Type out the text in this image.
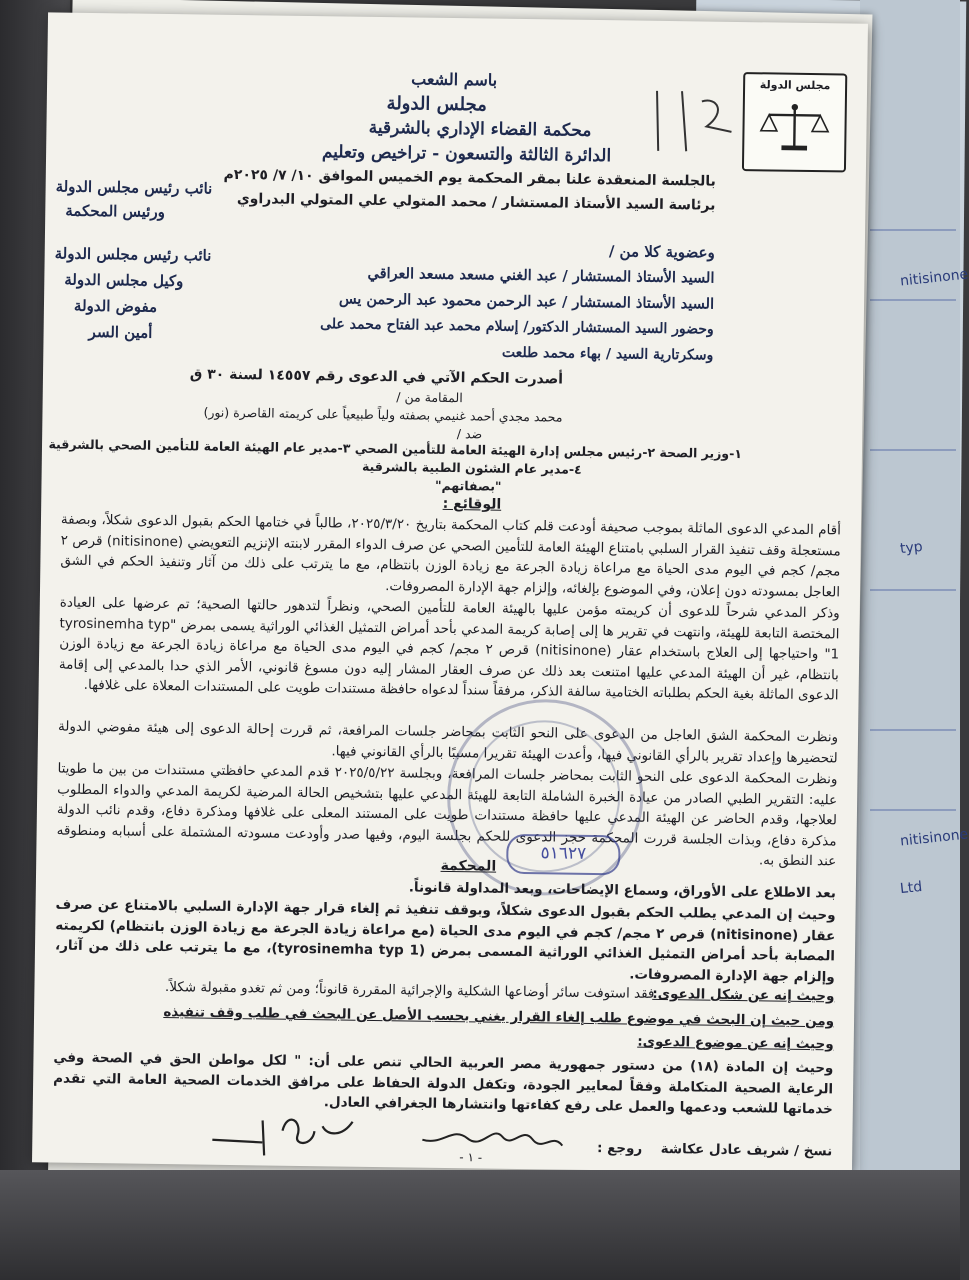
nitisinone
typ
nitisinone
Ltd
مجلس الدولة
باسم الشعب
مجلس الدولة
محكمة القضاء الإداري بالشرقية
الدائرة الثالثة والتسعون - تراخيص وتعليم
بالجلسة المنعقدة علنا بمقر المحكمة يوم الخميس الموافق ١٠/ ٧/ ٢٠٢٥م
برئاسة السيد الأستاذ المستشار / محمد المتولي علي المتولي البدراوي
نائب رئيس مجلس الدولة
ورئيس المحكمة
وعضوية كلا من /
السيد الأستاذ المستشار / عبد الغني مسعد مسعد العراقي
السيد الأستاذ المستشار / عبد الرحمن محمود عبد الرحمن يس
وحضور السيد المستشار الدكتور/ إسلام محمد عبد الفتاح محمد على
وسكرتارية السيد / بهاء محمد طلعت
نائب رئيس مجلس الدولة
وكيل مجلس الدولة
مفوض الدولة
أمين السر
أصدرت الحكم الآتي في الدعوى رقم ١٤٥٥٧ لسنة ٣٠ ق
المقامة من /
محمد مجدي أحمد غنيمي بصفته ولياً طبيعياً على كريمته القاصرة (نور)
ضد /
١-وزير الصحة ٢-رئيس مجلس إدارة الهيئة العامة للتأمين الصحي ٣-مدير عام الهيئة العامة للتأمين الصحي بالشرقية
٤-مدير عام الشئون الطبية بالشرقية
"بصفاتهم"
الوقائع :
أقام المدعي الدعوى الماثلة بموجب صحيفة أودعت قلم كتاب المحكمة بتاريخ ٢٠٢٥/٣/٢٠، طالباً في ختامها الحكم بقبول الدعوى شكلاً، وبصفة مستعجلة وقف تنفيذ القرار السلبي بامتناع الهيئة العامة للتأمين الصحي عن صرف الدواء المقرر لابنته الإنزيم التعويضي (nitisinone) قرص ٢ مجم/ كجم في اليوم مدى الحياة مع مراعاة زيادة الجرعة مع زيادة الوزن بانتظام، مع ما يترتب على ذلك من آثار وتنفيذ الحكم في الشق العاجل بمسودته دون إعلان، وفي الموضوع بإلغائه، وإلزام جهة الإدارة المصروفات.
وذكر المدعي شرحاً للدعوى أن كريمته مؤمن عليها بالهيئة العامة للتأمين الصحي، ونظراً لتدهور حالتها الصحية؛ تم عرضها على العيادة المختصة التابعة للهيئة، وانتهت في تقرير ها إلى إصابة كريمة المدعي بأحد أمراض التمثيل الغذائي الوراثية يسمى بمرض "tyrosinemha typ 1" واحتياجها إلى العلاج باستخدام عقار (nitisinone) قرص ٢ مجم/ كجم في اليوم مدى الحياة مع مراعاة زيادة الجرعة مع زيادة الوزن بانتظام، غير أن الهيئة المدعي عليها امتنعت بعد ذلك عن صرف العقار المشار إليه دون مسوغ قانوني، الأمر الذي حدا بالمدعي إلى إقامة الدعوى الماثلة بغية الحكم بطلباته الختامية سالفة الذكر، مرفقاً سنداً لدعواه حافظة مستندات طويت على المستندات المعلاة على غلافها.
ونظرت المحكمة الشق العاجل من الدعوى على النحو الثابت بمحاضر جلسات المرافعة، ثم قررت إحالة الدعوى إلى هيئة مفوضي الدولة لتحضيرها وإعداد تقرير بالرأي القانوني فيها، وأعدت الهيئة تقريرا مسببًا بالرأي القانوني فيها.
ونظرت المحكمة الدعوى على النحو الثابت بمحاضر جلسات المرافعة، وبجلسة ٢٠٢٥/٥/٢٢ قدم المدعي حافظتي مستندات من بين ما طويتا عليه: التقرير الطبي الصادر من عيادة الخبرة الشاملة التابعة للهيئة المدعي عليها بتشخيص الحالة المرضية لكريمة المدعي والدواء المطلوب لعلاجها، وقدم الحاضر عن الهيئة المدعي عليها حافظة مستندات طويت على المستند المعلى على غلافها ومذكرة دفاع، وقدم نائب الدولة مذكرة دفاع، وبذات الجلسة قررت المحكمة حجز الدعوى للحكم بجلسة اليوم، وفيها صدر وأودعت مسودته المشتملة على أسبابه ومنطوقه عند النطق به.
٥١٦٢٧
المحكمة
بعد الاطلاع على الأوراق، وسماع الإيضاحات، وبعد المداولة قانوناً.
وحيث إن المدعي يطلب الحكم بقبول الدعوى شكلاً، وبوقف تنفيذ ثم إلغاء قرار جهة الإدارة السلبي بالامتناع عن صرف عقار (nitisinone) قرص ٢ مجم/ كجم في اليوم مدى الحياة (مع مراعاة زيادة الجرعة مع زيادة الوزن بانتظام) لكريمته المصابة بأحد أمراض التمثيل الغذائي الوراثية المسمى بمرض (tyrosinemha typ 1)، مع ما يترتب على ذلك من آثار، وإلزام جهة الإدارة المصروفات.
وحيث إنه عن شكل الدعوى:
فقد استوفت سائر أوضاعها الشكلية والإجرائية المقررة قانوناً؛ ومن ثم تغدو مقبولة شكلاً.
ومن حيث إن البحث في موضوع طلب إلغاء القرار يغني بحسب الأصل عن البحث في طلب وقف تنفيذه
وحيث إنه عن موضوع الدعوى:
وحيث إن المادة (١٨) من دستور جمهورية مصر العربية الحالي تنص على أن: " لكل مواطن الحق في الصحة وفي الرعاية الصحية المتكاملة وفقاً لمعايير الجودة، وتكفل الدولة الحفاظ على مرافق الخدمات الصحية العامة التي تقدم خدماتها للشعب ودعمها والعمل على رفع كفاءتها وانتشارها الجغرافي العادل.
نسخ / شريف عادل عكاشة
روجع :
- ١ -
